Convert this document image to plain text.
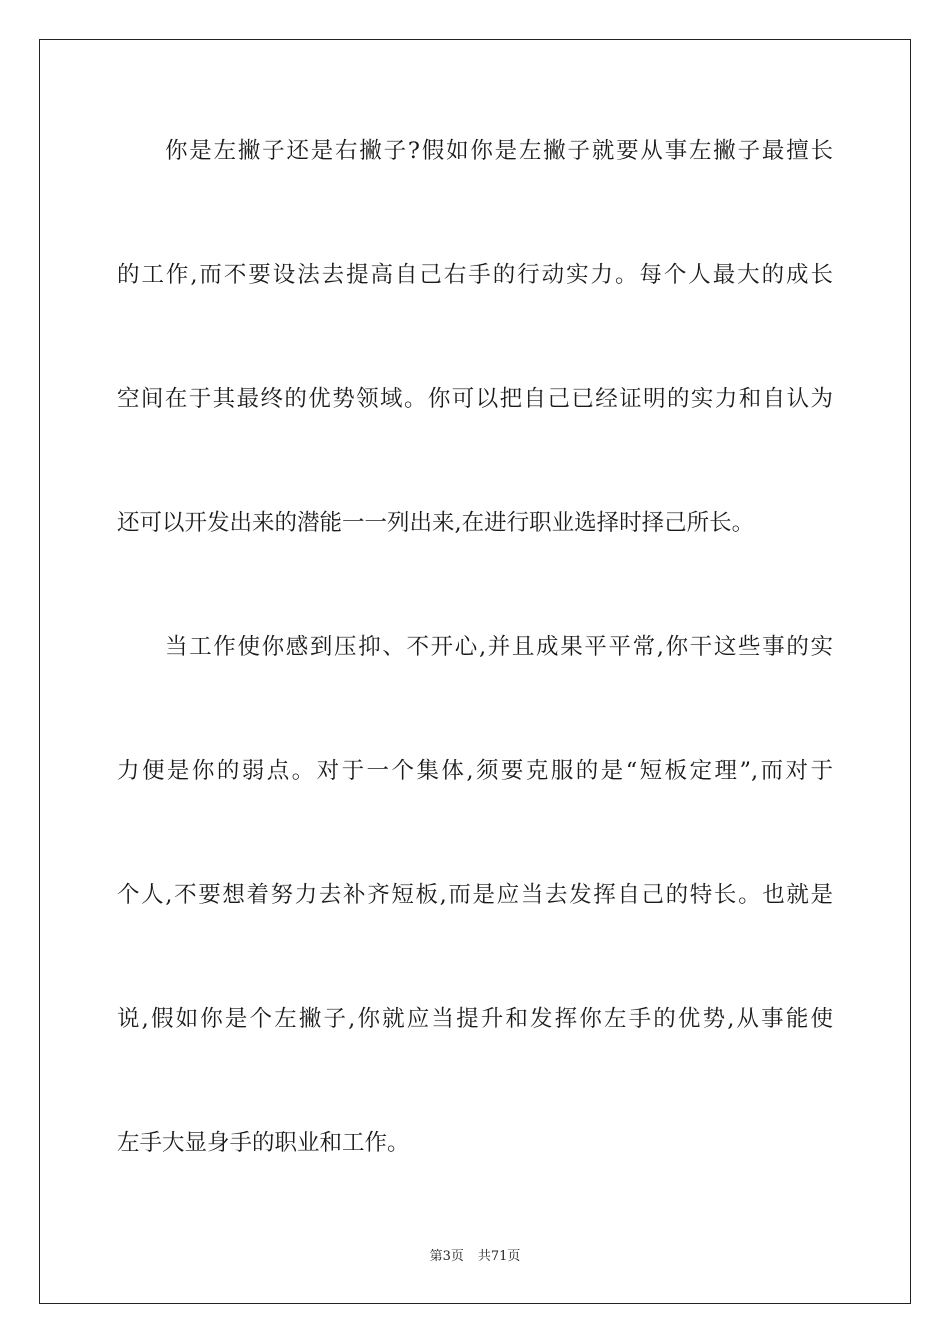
你是左撇子还是右撇子?假如你是左撇子就要从事左撇子最擅长
的工作,而不要设法去提高自己右手的行动实力。每个人最大的成长
空间在于其最终的优势领域。你可以把自己已经证明的实力和自认为
还可以开发出来的潜能一一列出来,在进行职业选择时择己所长。
当工作使你感到压抑、不开心,并且成果平平常,你干这些事的实
力便是你的弱点。对于一个集体,须要克服的是“短板定理”,而对于
个人,不要想着努力去补齐短板,而是应当去发挥自己的特长。也就是
说,假如你是个左撇子,你就应当提升和发挥你左手的优势,从事能使
左手大显身手的职业和工作。
第3页 共71页
